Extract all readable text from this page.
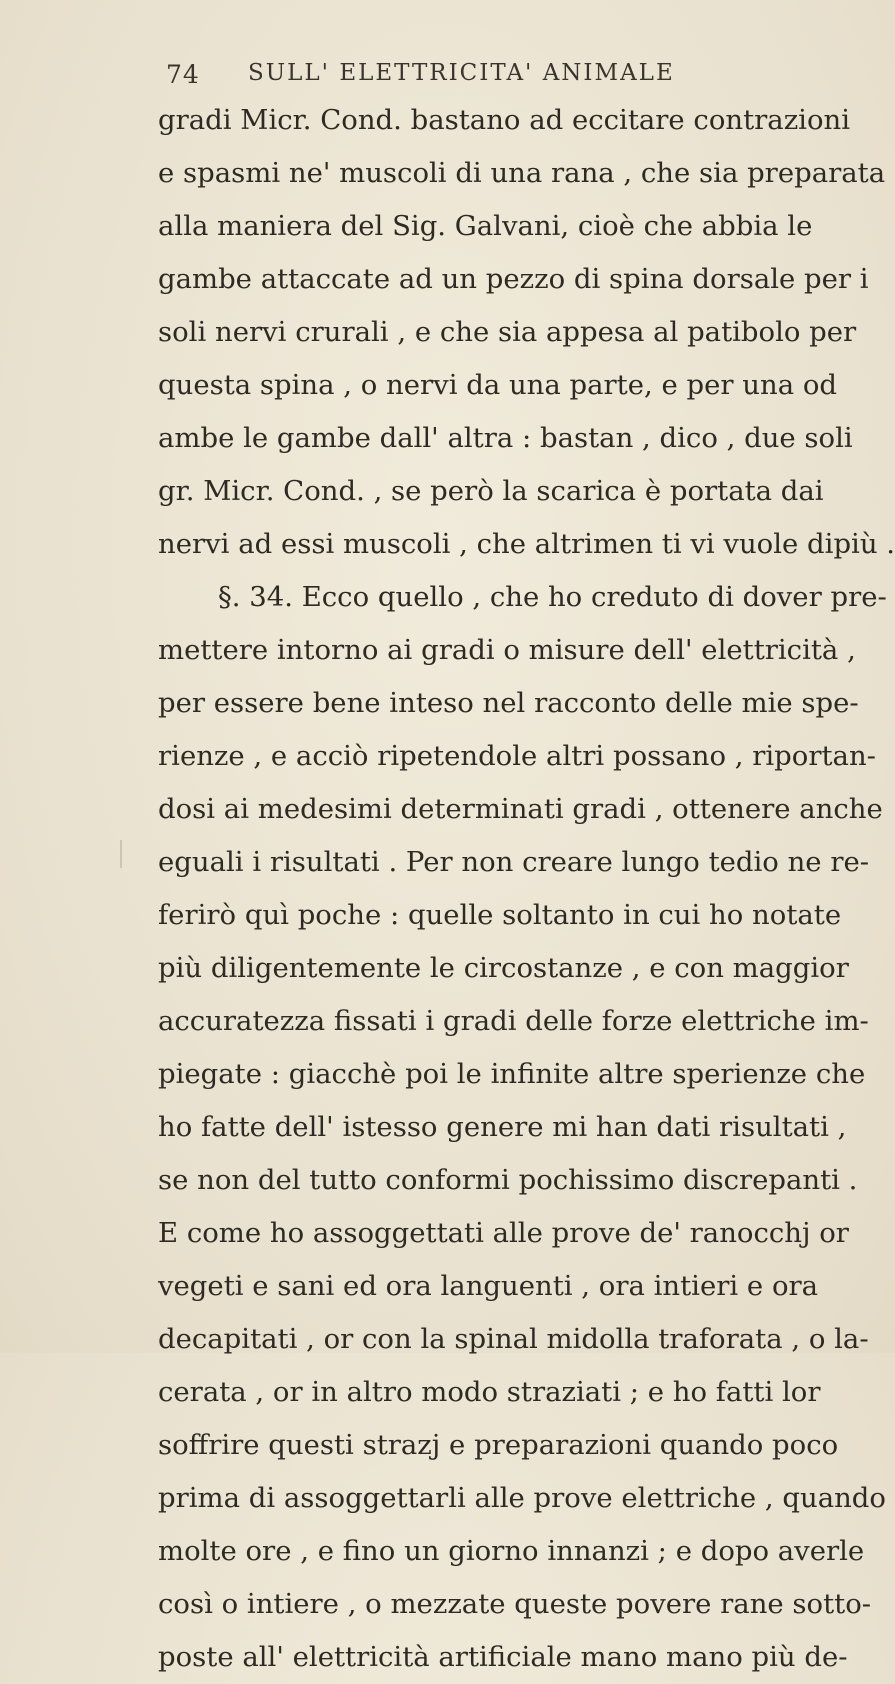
74 SULL' ELETTRICITA' ANIMALE
gradi Micr. Cond. bastano ad eccitare contrazioni
e spasmi ne' muscoli di una rana , che sia preparata
alla maniera del Sig. Galvani, cioè che abbia le
gambe attaccate ad un pezzo di spina dorsale per i
soli nervi crurali , e che sia appesa al patibolo per
questa spina , o nervi da una parte, e per una od
ambe le gambe dall' altra : bastan , dico , due soli
gr. Micr. Cond. , se però la scarica è portata dai
nervi ad essi muscoli , che altrimen ti vi vuole dipiù .
§. 34. Ecco quello , che ho creduto di dover pre-
mettere intorno ai gradi o misure dell' elettricità ,
per essere bene inteso nel racconto delle mie spe-
rienze , e acciò ripetendole altri possano , riportan-
dosi ai medesimi determinati gradi , ottenere anche
eguali i risultati . Per non creare lungo tedio ne re-
ferirò quì poche : quelle soltanto in cui ho notate
più diligentemente le circostanze , e con maggior
accuratezza fissati i gradi delle forze elettriche im-
piegate : giacchè poi le infinite altre sperienze che
ho fatte dell' istesso genere mi han dati risultati ,
se non del tutto conformi pochissimo discrepanti .
E come ho assoggettati alle prove de' ranocchj or
vegeti e sani ed ora languenti , ora intieri e ora
decapitati , or con la spinal midolla traforata , o la-
cerata , or in altro modo straziati ; e ho fatti lor
soffrire questi strazj e preparazioni quando poco
prima di assoggettarli alle prove elettriche , quando
molte ore , e fino un giorno innanzi ; e dopo averle
così o intiere , o mezzate queste povere rane sotto-
poste all' elettricità artificiale mano mano più de-
